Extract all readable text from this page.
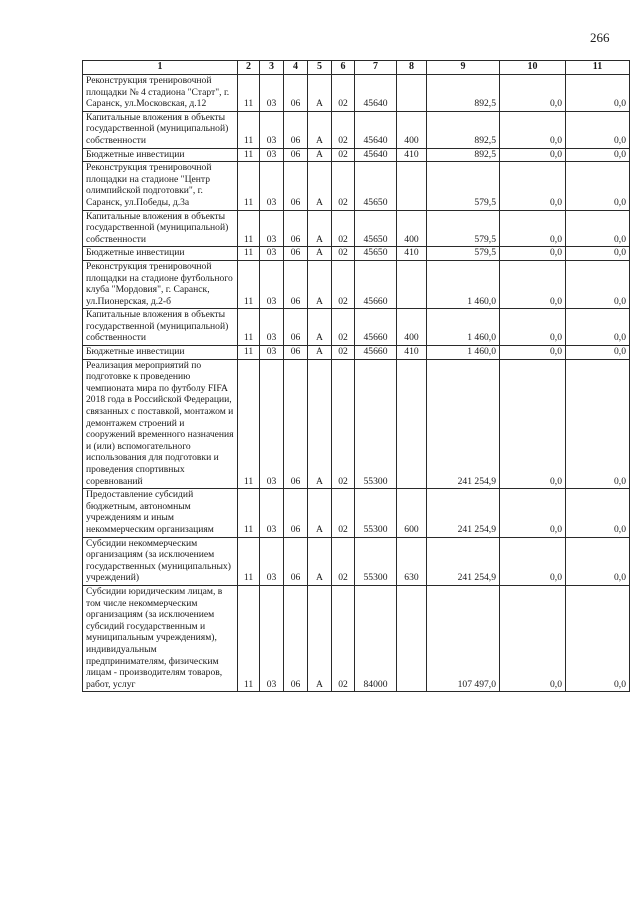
266
1	2	3	4	5	6	7	8	9	10	11
Реконструкция тренировочной площадки № 4 стадиона "Старт", г. Саранск, ул.Московская, д.12	11	03	06	А	02	45640		892,5	0,0	0,0
Капитальные вложения в объекты государственной (муниципальной) собственности	11	03	06	А	02	45640	400	892,5	0,0	0,0
Бюджетные инвестиции	11	03	06	А	02	45640	410	892,5	0,0	0,0
Реконструкция тренировочной площадки на стадионе "Центр олимпийской подготовки", г. Саранск, ул.Победы, д.3а	11	03	06	А	02	45650		579,5	0,0	0,0
Капитальные вложения в объекты государственной (муниципальной) собственности	11	03	06	А	02	45650	400	579,5	0,0	0,0
Бюджетные инвестиции	11	03	06	А	02	45650	410	579,5	0,0	0,0
Реконструкция тренировочной площадки на стадионе футбольного клуба "Мордовия", г. Саранск, ул.Пионерская, д.2-б	11	03	06	А	02	45660		1 460,0	0,0	0,0
Капитальные вложения в объекты государственной (муниципальной) собственности	11	03	06	А	02	45660	400	1 460,0	0,0	0,0
Бюджетные инвестиции	11	03	06	А	02	45660	410	1 460,0	0,0	0,0
Реализация мероприятий по подготовке к проведению чемпионата мира по футболу FIFA 2018 года в Российской Федерации, связанных с поставкой, монтажом и демонтажем строений и сооружений временного назначения и (или) вспомогательного использования для подготовки и проведения спортивных соревнований	11	03	06	А	02	55300		241 254,9	0,0	0,0
Предоставление субсидий бюджетным, автономным учреждениям и иным некоммерческим организациям	11	03	06	А	02	55300	600	241 254,9	0,0	0,0
Субсидии некоммерческим организациям (за исключением государственных (муниципальных) учреждений)	11	03	06	А	02	55300	630	241 254,9	0,0	0,0
Субсидии юридическим лицам, в том числе некоммерческим организациям (за исключением субсидий государственным и муниципальным учреждениям), индивидуальным предпринимателям, физическим лицам - производителям товаров, работ, услуг	11	03	06	А	02	84000		107 497,0	0,0	0,0
